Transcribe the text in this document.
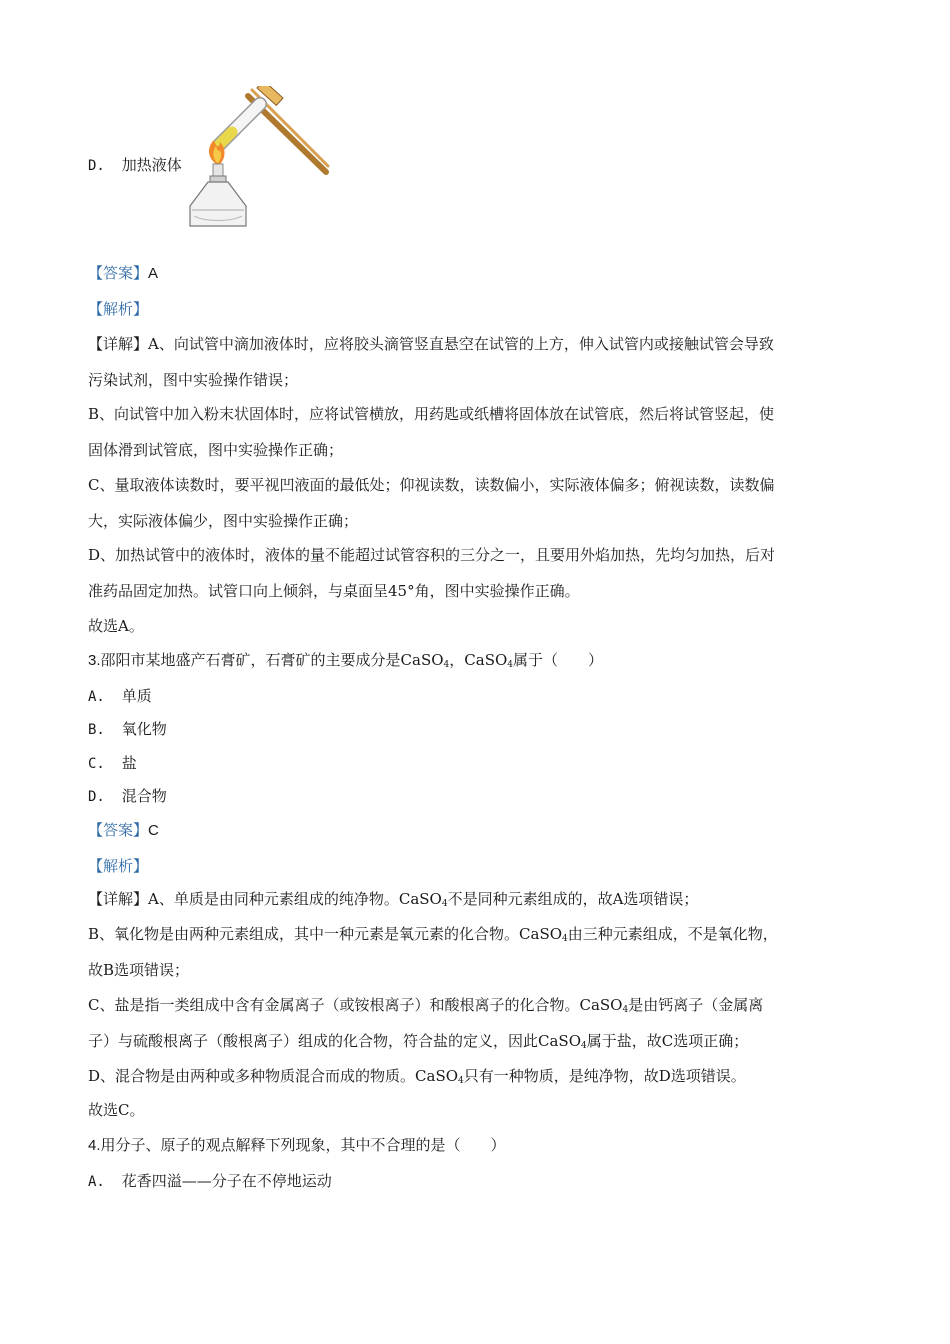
D. 加热液体
【答案】A
【解析】
【详解】A、向试管中滴加液体时，应将胶头滴管竖直悬空在试管的上方，伸入试管内或接触试管会导致
污染试剂，图中实验操作错误；
B、向试管中加入粉末状固体时，应将试管横放，用药匙或纸槽将固体放在试管底，然后将试管竖起，使
固体滑到试管底，图中实验操作正确；
C、量取液体读数时，要平视凹液面的最低处；仰视读数，读数偏小，实际液体偏多；俯视读数，读数偏
大，实际液体偏少，图中实验操作正确；
D、加热试管中的液体时，液体的量不能超过试管容积的三分之一，且要用外焰加热，先均匀加热，后对
准药品固定加热。试管口向上倾斜，与桌面呈45°角，图中实验操作正确。
故选A。
3.邵阳市某地盛产石膏矿，石膏矿的主要成分是CaSO$_4$，CaSO$_4$属于（　　）
A. 单质
B. 氧化物
C. 盐
D. 混合物
【答案】C
【解析】
【详解】A、单质是由同种元素组成的纯净物。CaSO$_4$不是同种元素组成的，故A选项错误；
B、氧化物是由两种元素组成，其中一种元素是氧元素的化合物。CaSO$_4$由三种元素组成，不是氧化物，
故B选项错误；
C、盐是指一类组成中含有金属离子（或铵根离子）和酸根离子的化合物。CaSO$_4$是由钙离子（金属离
子）与硫酸根离子（酸根离子）组成的化合物，符合盐的定义，因此CaSO$_4$属于盐，故C选项正确；
D、混合物是由两种或多种物质混合而成的物质。CaSO$_4$只有一种物质，是纯净物，故D选项错误。
故选C。
4.用分子、原子的观点解释下列现象，其中不合理的是（　　）
A. 花香四溢——分子在不停地运动
